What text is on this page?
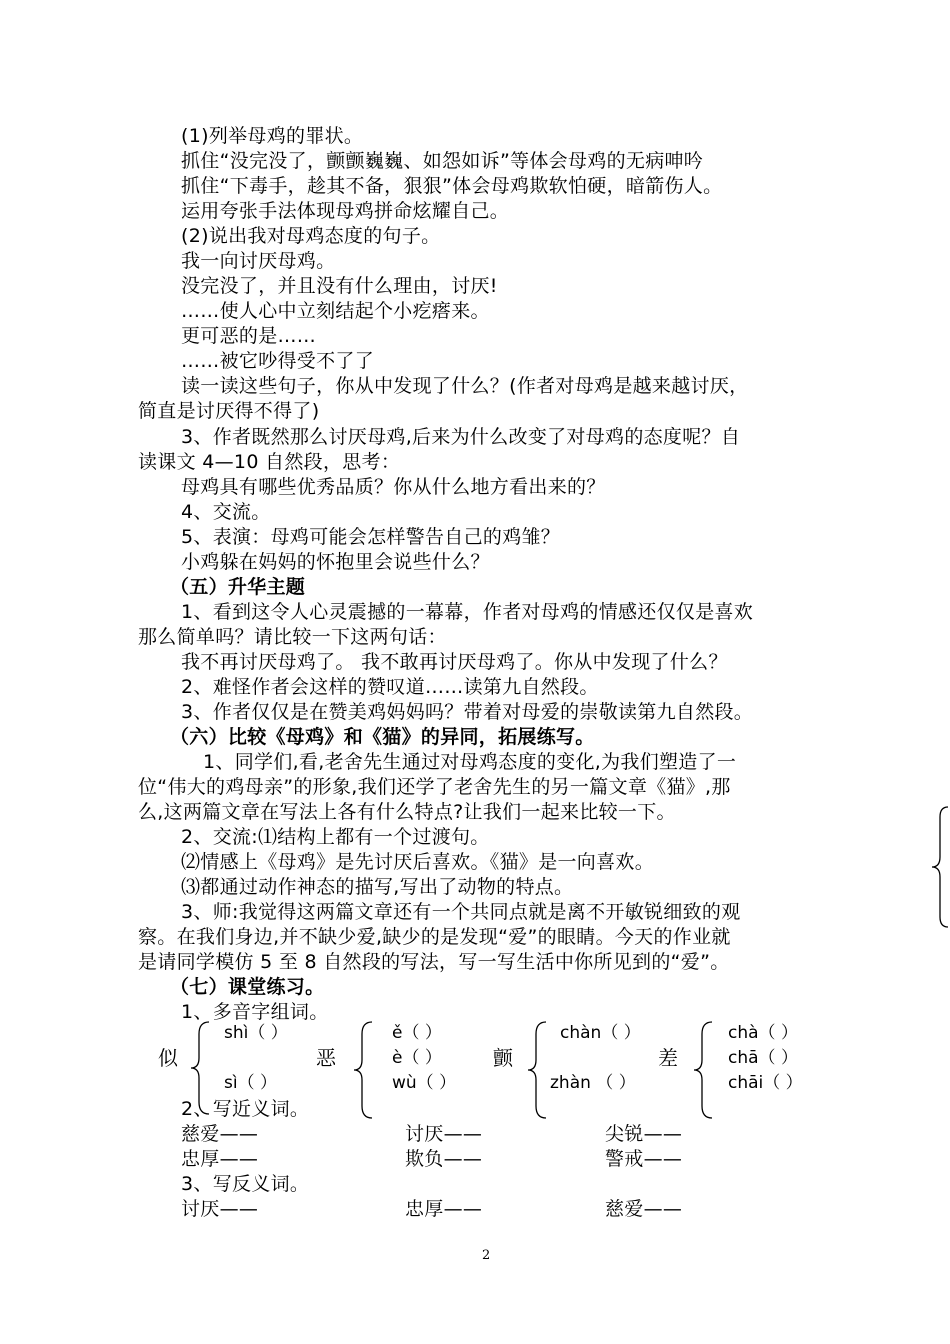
(1)列举母鸡的罪状。
抓住“没完没了，颤颤巍巍、如怨如诉”等体会母鸡的无病呻吟
抓住“下毒手，趁其不备，狠狠”体会母鸡欺软怕硬，暗箭伤人。
运用夸张手法体现母鸡拼命炫耀自己。
(2)说出我对母鸡态度的句子。
我一向讨厌母鸡。
没完没了，并且没有什么理由，讨厌!
……使人心中立刻结起个小疙瘩来。
更可恶的是……
……被它吵得受不了了
读一读这些句子，你从中发现了什么？(作者对母鸡是越来越讨厌，
简直是讨厌得不得了)
3、作者既然那么讨厌母鸡,后来为什么改变了对母鸡的态度呢？自
读课文 4—10 自然段，思考：
母鸡具有哪些优秀品质？你从什么地方看出来的？
4、交流。
5、表演：母鸡可能会怎样警告自己的鸡雏？
小鸡躲在妈妈的怀抱里会说些什么？
（五）升华主题
1、看到这令人心灵震撼的一幕幕，作者对母鸡的情感还仅仅是喜欢
那么简单吗？请比较一下这两句话：
我不再讨厌母鸡了。 我不敢再讨厌母鸡了。你从中发现了什么？
2、难怪作者会这样的赞叹道……读第九自然段。
3、作者仅仅是在赞美鸡妈妈吗？带着对母爱的崇敬读第九自然段。
（六）比较《母鸡》和《猫》的异同，拓展练写。
1、同学们,看,老舍先生通过对母鸡态度的变化,为我们塑造了一
位“伟大的鸡母亲”的形象,我们还学了老舍先生的另一篇文章《猫》,那
么,这两篇文章在写法上各有什么特点?让我们一起来比较一下。
2、交流:⑴结构上都有一个过渡句。
⑵情感上《母鸡》是先讨厌后喜欢。《猫》是一向喜欢。
⑶都通过动作神态的描写,写出了动物的特点。
3、师:我觉得这两篇文章还有一个共同点就是离不开敏锐细致的观
察。在我们身边,并不缺少爱,缺少的是发现“爱”的眼睛。今天的作业就
是请同学模仿 5 至 8 自然段的写法，写一写生活中你所见到的“爱”。
（七）课堂练习。
1、多音字组词。
似
shì（ ）
sì（ ）
恶
ě（ ）
è（ ）
wù（ ）
颤
chàn（ ）
zhàn （ ）
差
chà（ ）
chā（ ）
chāi（ ）
2、写近义词。
慈爱——	讨厌——	尖锐——
忠厚——	欺负——	警戒——
3、写反义词。
讨厌——	忠厚——	慈爱——
2
